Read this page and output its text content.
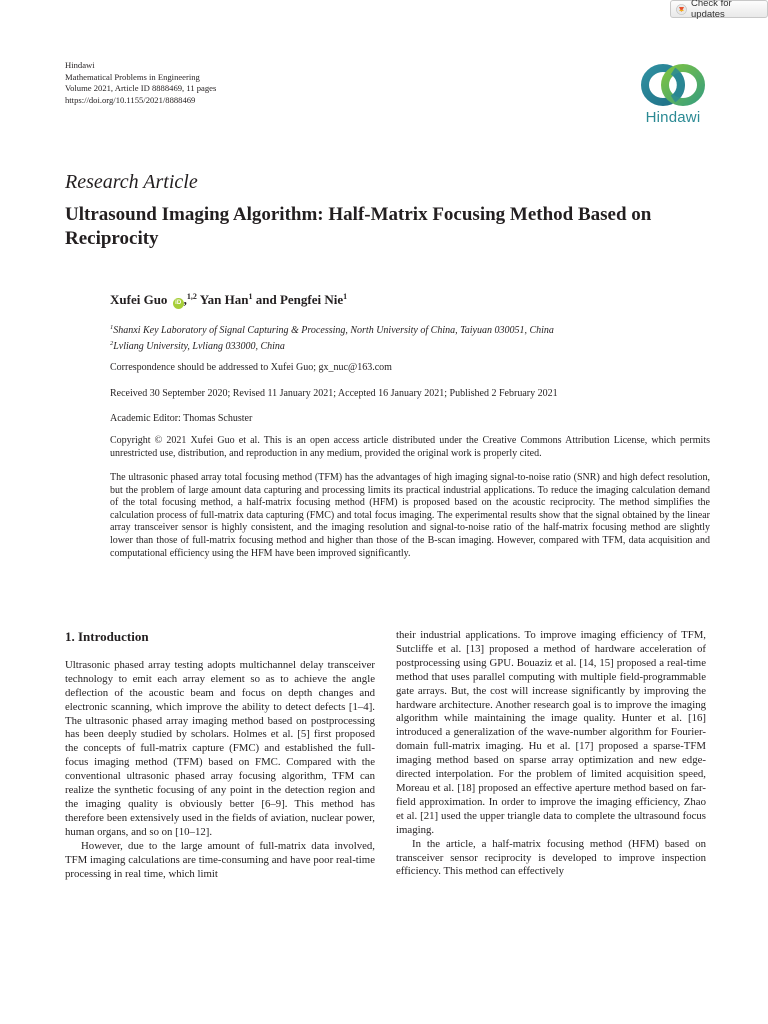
Check for updates
Hindawi
Mathematical Problems in Engineering
Volume 2021, Article ID 8888469, 11 pages
https://doi.org/10.1155/2021/8888469
Hindawi
Research Article
Ultrasound Imaging Algorithm: Half-Matrix Focusing Method Based on Reciprocity
Xufei Guo iD ,$^{1,2}$ Yan Han$^1$ and Pengfei Nie$^1$
$^1$Shanxi Key Laboratory of Signal Capturing & Processing, North University of China, Taiyuan 030051, China
$^2$Lvliang University, Lvliang 033000, China
Correspondence should be addressed to Xufei Guo; gx_nuc@163.com
Received 30 September 2020; Revised 11 January 2021; Accepted 16 January 2021; Published 2 February 2021
Academic Editor: Thomas Schuster
Copyright © 2021 Xufei Guo et al. This is an open access article distributed under the Creative Commons Attribution License, which permits unrestricted use, distribution, and reproduction in any medium, provided the original work is properly cited.
The ultrasonic phased array total focusing method (TFM) has the advantages of high imaging signal-to-noise ratio (SNR) and high defect resolution, but the problem of large amount data capturing and processing limits its practical industrial applications. To reduce the imaging calculation demand of the total focusing method, a half-matrix focusing method (HFM) is proposed based on the acoustic reciprocity. The method simplifies the calculation process of full-matrix data capturing (FMC) and total focus imaging. The experimental results show that the signal obtained by the linear array transceiver sensor is highly consistent, and the imaging resolution and signal-to-noise ratio of the half-matrix focusing method are slightly lower than those of full-matrix focusing method and higher than those of the B-scan imaging. However, compared with TFM, data acquisition and computational efficiency using the HFM have been improved significantly.
1. Introduction
Ultrasonic phased array testing adopts multichannel delay transceiver technology to emit each array element so as to achieve the angle deflection of the acoustic beam and focus on depth changes and electronic scanning, which improve the ability to detect defects [1–4]. The ultrasonic phased array imaging method based on postprocessing has been deeply studied by scholars. Holmes et al. [5] first proposed the concepts of full-matrix capture (FMC) and established the full-focus imaging method (TFM) based on FMC. Compared with the conventional ultrasonic phased array focusing algorithm, TFM can realize the synthetic focusing of any point in the detection region and the imaging quality is obviously better [6–9]. This method has therefore been extensively used in the fields of aviation, nuclear power, human organs, and so on [10–12].
However, due to the large amount of full-matrix data involved, TFM imaging calculations are time-consuming and have poor real-time processing in real time, which limit
their industrial applications. To improve imaging efficiency of TFM, Sutcliffe et al. [13] proposed a method of hardware acceleration of postprocessing using GPU. Bouaziz et al. [14, 15] proposed a real-time method that uses parallel computing with multiple field-programmable gate arrays. But, the cost will increase significantly by improving the hardware architecture. Another research goal is to improve the imaging algorithm while maintaining the image quality. Hunter et al. [16] introduced a generalization of the wave-number algorithm for Fourier-domain full-matrix imaging. Hu et al. [17] proposed a sparse-TFM imaging method based on sparse array optimization and new edge-directed interpolation. For the problem of limited acquisition speed, Moreau et al. [18] proposed an effective aperture method based on far-field approximation. In order to improve the imaging efficiency, Zhao et al. [21] used the upper triangle data to complete the ultrasound focus imaging.
In the article, a half-matrix focusing method (HFM) based on transceiver sensor reciprocity is developed to improve inspection efficiency. This method can effectively
